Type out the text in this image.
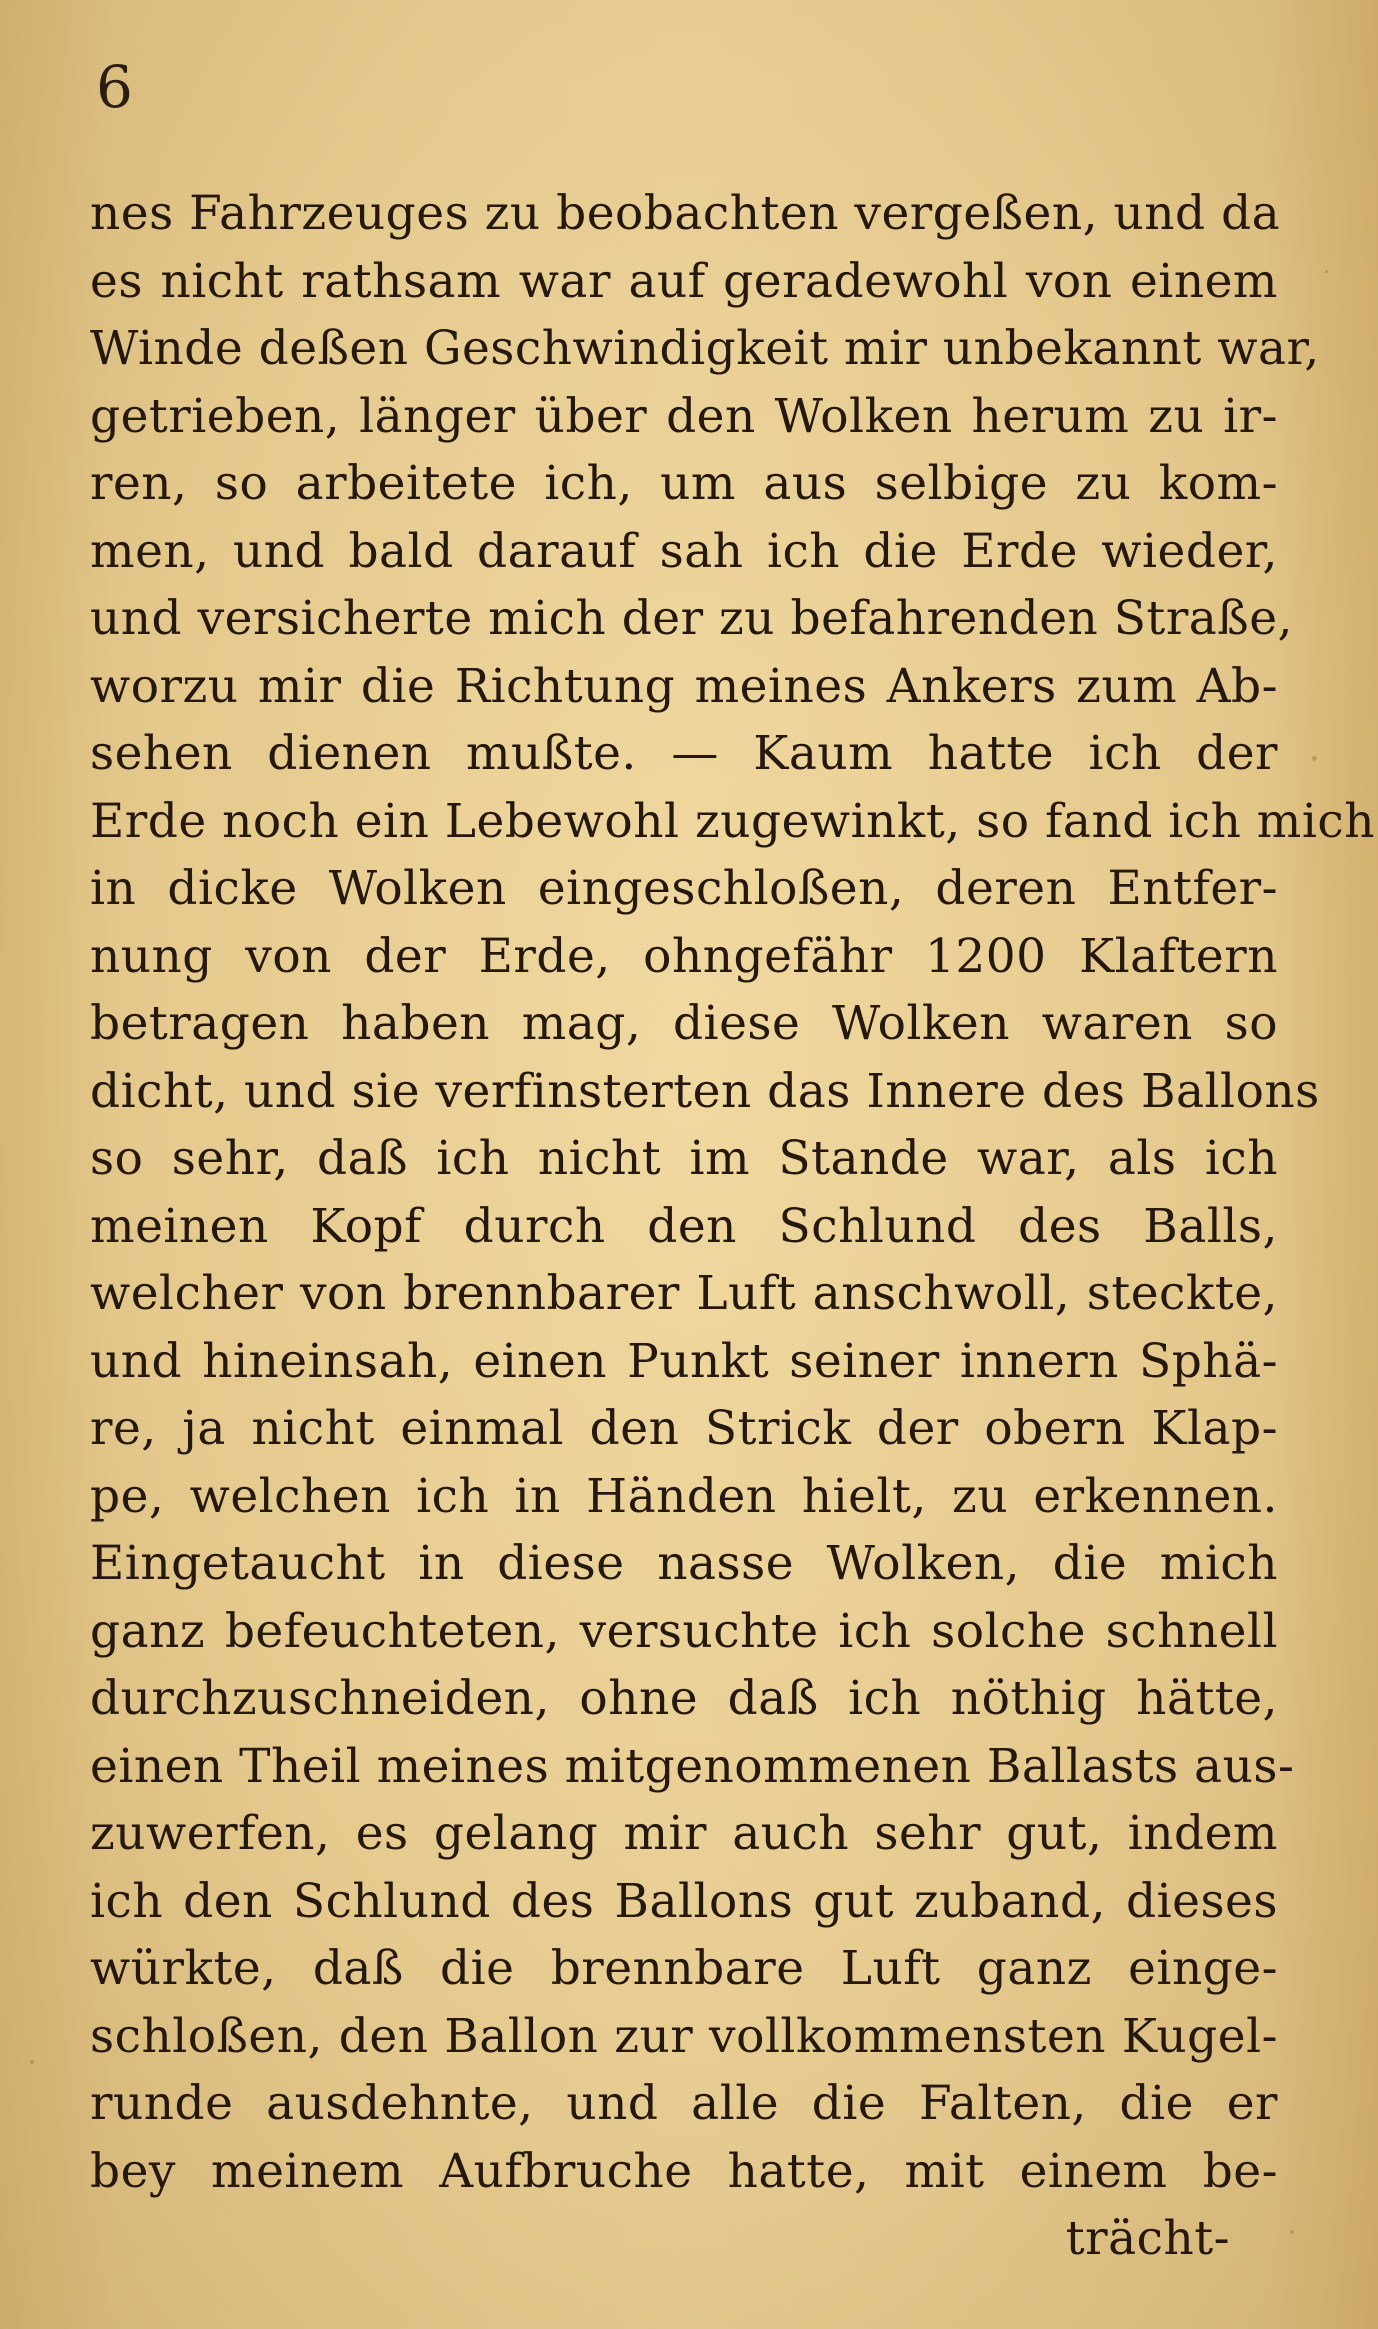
6
nes Fahrzeuges zu beobachten vergeßen, und da
es nicht rathsam war auf geradewohl von einem
Winde deßen Geschwindigkeit mir unbekannt war,
getrieben, länger über den Wolken herum zu ir-
ren, so arbeitete ich, um aus selbige zu kom-
men, und bald darauf sah ich die Erde wieder,
und versicherte mich der zu befahrenden Straße,
worzu mir die Richtung meines Ankers zum Ab-
sehen dienen mußte. — Kaum hatte ich der
Erde noch ein Lebewohl zugewinkt, so fand ich mich
in dicke Wolken eingeschloßen, deren Entfer-
nung von der Erde, ohngefähr 1200 Klaftern
betragen haben mag, diese Wolken waren so
dicht, und sie verfinsterten das Innere des Ballons
so sehr, daß ich nicht im Stande war, als ich
meinen Kopf durch den Schlund des Balls,
welcher von brennbarer Luft anschwoll, steckte,
und hineinsah, einen Punkt seiner innern Sphä-
re, ja nicht einmal den Strick der obern Klap-
pe, welchen ich in Händen hielt, zu erkennen.
Eingetaucht in diese nasse Wolken, die mich
ganz befeuchteten, versuchte ich solche schnell
durchzuschneiden, ohne daß ich nöthig hätte,
einen Theil meines mitgenommenen Ballasts aus-
zuwerfen, es gelang mir auch sehr gut, indem
ich den Schlund des Ballons gut zuband, dieses
würkte, daß die brennbare Luft ganz einge-
schloßen, den Ballon zur vollkommensten Kugel-
runde ausdehnte, und alle die Falten, die er
bey meinem Aufbruche hatte, mit einem be-
trächt-
